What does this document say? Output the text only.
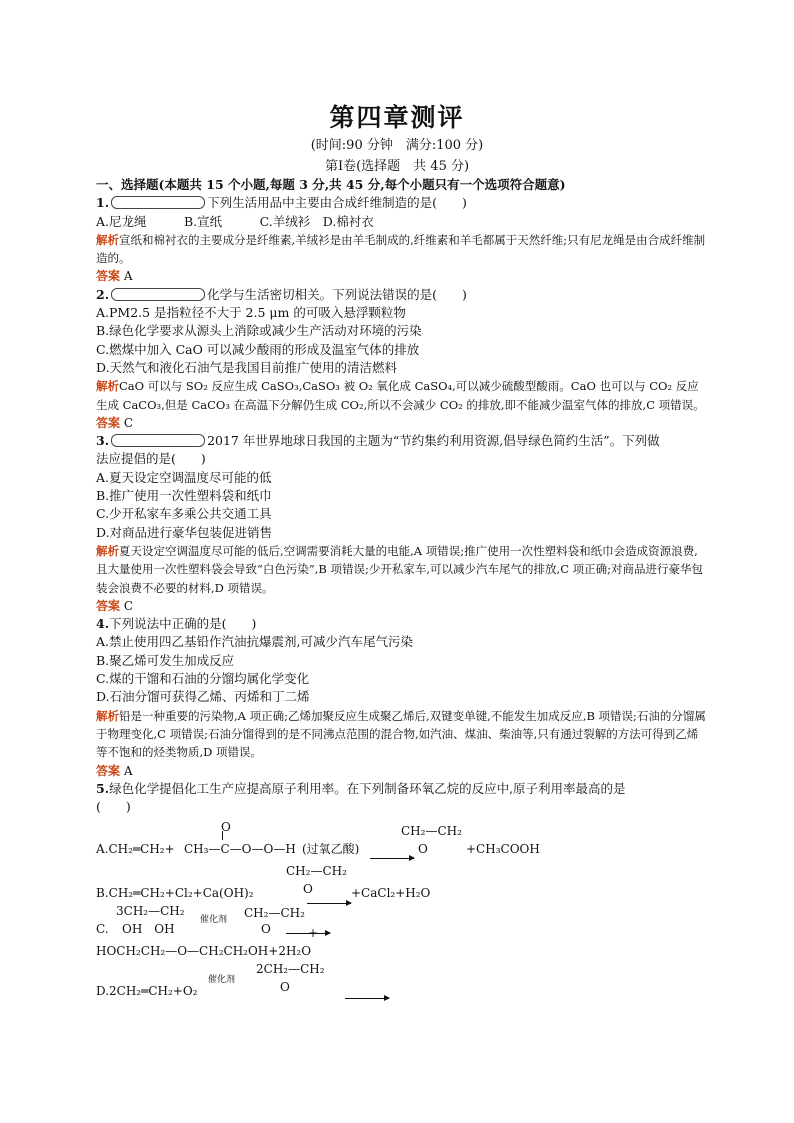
第四章测评
(时间:90 分钟　满分:100 分)
第Ⅰ卷(选择题　共 45 分)
一、选择题(本题共 15 个小题,每题 3 分,共 45 分,每个小题只有一个选项符合题意)
1.	下列生活用品中主要由合成纤维制造的是(　　)
A.尼龙绳　　　B.宣纸　　　C.羊绒衫　D.棉衬衣
解析宣纸和棉衬衣的主要成分是纤维素,羊绒衫是由羊毛制成的,纤维素和羊毛都属于天然纤维;只有尼龙绳是由合成纤维制造的。
答案 A
2.	化学与生活密切相关。下列说法错误的是(　　)
A.PM2.5 是指粒径不大于 2.5 μm 的可吸入悬浮颗粒物
B.绿色化学要求从源头上消除或减少生产活动对环境的污染
C.燃煤中加入 CaO 可以减少酸雨的形成及温室气体的排放
D.天然气和液化石油气是我国目前推广使用的清洁燃料
解析CaO 可以与 SO₂ 反应生成 CaSO₃,CaSO₃ 被 O₂ 氧化成 CaSO₄,可以减少硫酸型酸雨。CaO 也可以与 CO₂ 反应生成 CaCO₃,但是 CaCO₃ 在高温下分解仍生成 CO₂,所以不会减少 CO₂ 的排放,即不能减少温室气体的排放,C 项错误。
答案 C
3.	2017 年世界地球日我国的主题为“节约集约利用资源,倡导绿色简约生活”。下列做
法应提倡的是(　　)
A.夏天设定空调温度尽可能的低
B.推广使用一次性塑料袋和纸巾
C.少开私家车多乘公共交通工具
D.对商品进行豪华包装促进销售
解析夏天设定空调温度尽可能的低后,空调需要消耗大量的电能,A 项错误;推广使用一次性塑料袋和纸巾会造成资源浪费,且大量使用一次性塑料袋会导致“白色污染”,B 项错误;少开私家车,可以减少汽车尾气的排放,C 项正确;对商品进行豪华包装会浪费不必要的材料,D 项错误。
答案 C
4.下列说法中正确的是(　　)
A.禁止使用四乙基铅作汽油抗爆震剂,可减少汽车尾气污染
B.聚乙烯可发生加成反应
C.煤的干馏和石油的分馏均属化学变化
D.石油分馏可获得乙烯、丙烯和丁二烯
解析铅是一种重要的污染物,A 项正确;乙烯加聚反应生成聚乙烯后,双键变单键,不能发生加成反应,B 项错误;石油的分馏属于物理变化,C 项错误;石油分馏得到的是不同沸点范围的混合物,如汽油、煤油、柴油等,只有通过裂解的方法可得到乙烯等不饱和的烃类物质,D 项错误。
答案 A
5.绿色化学提倡化工生产应提高原子利用率。在下列制备环氧乙烷的反应中,原子利用率最高的是
(　　)
O
A.CH₂═CH₂+ CH₃—C—O—O—H (过氧乙酸)

CH₂—CH₂
O	+CH₃COOH
CH₂—CH₂
O
B.CH₂═CH₂+Cl₂+Ca(OH)₂
	+CaCl₂+H₂O
3CH₂—CH₂
C. OH　OH
催化剂
CH₂—CH₂
O	+
HOCH₂CH₂—O—CH₂CH₂OH+2H₂O
2CH₂—CH₂
O
D.2CH₂═CH₂+O₂
催化剂
